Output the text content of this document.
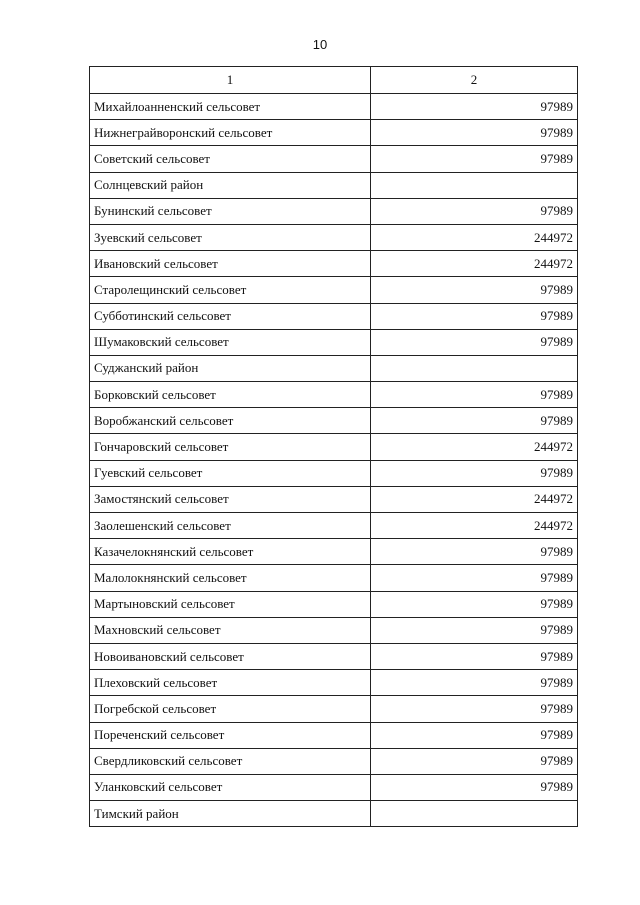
10
1	2
Михайлоанненский сельсовет	97989
Нижнеграйворонский сельсовет	97989
Советский сельсовет	97989
Солнцевский район	
Бунинский сельсовет	97989
Зуевский сельсовет	244972
Ивановский сельсовет	244972
Старолещинский сельсовет	97989
Субботинский сельсовет	97989
Шумаковский сельсовет	97989
Суджанский район	
Борковский сельсовет	97989
Воробжанский сельсовет	97989
Гончаровский сельсовет	244972
Гуевский сельсовет	97989
Замостянский сельсовет	244972
Заолешенский сельсовет	244972
Казачелокнянский сельсовет	97989
Малолокнянский сельсовет	97989
Мартыновский сельсовет	97989
Махновский сельсовет	97989
Новоивановский сельсовет	97989
Плеховский сельсовет	97989
Погребской сельсовет	97989
Пореченский сельсовет	97989
Свердликовский сельсовет	97989
Уланковский сельсовет	97989
Тимский район	
